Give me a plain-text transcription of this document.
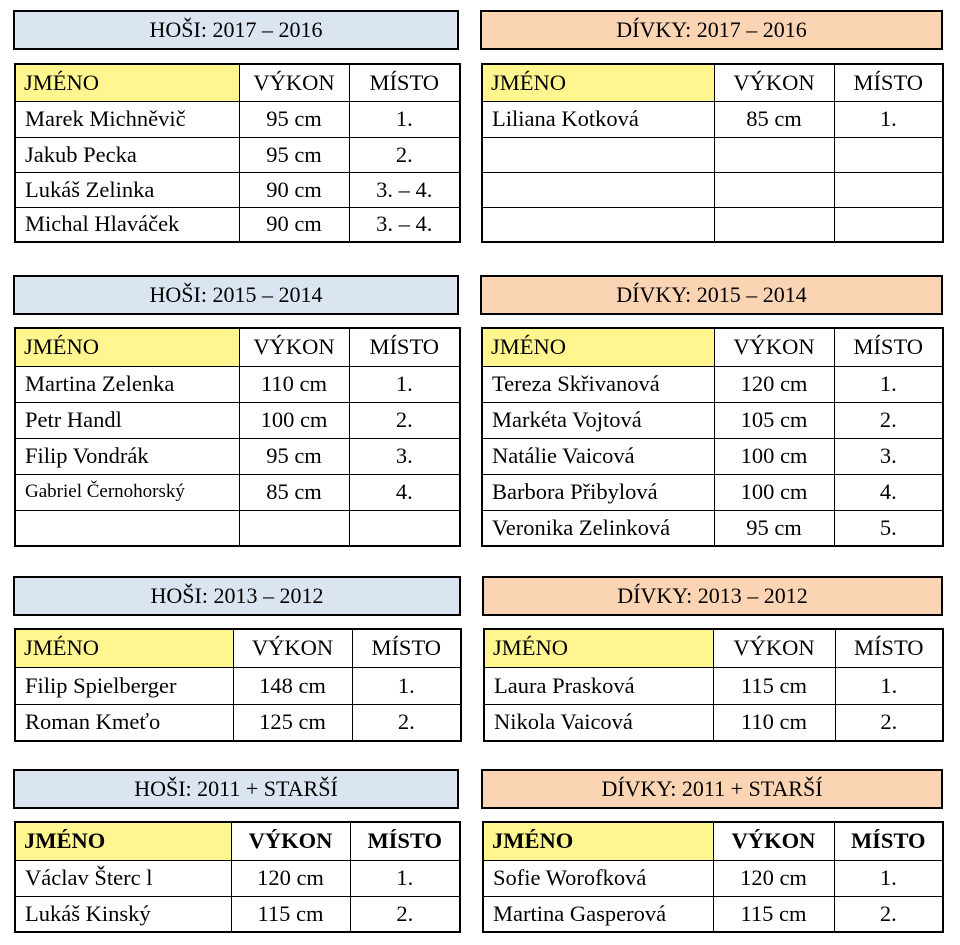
HOŠI: 2017 – 2016
JMÉNO	VÝKON	MÍSTO
Marek Michněvič	95 cm	1.
Jakub Pecka	95 cm	2.
Lukáš Zelinka	90 cm	3. – 4.
Michal Hlaváček	90 cm	3. – 4.
DÍVKY: 2017 – 2016
JMÉNO	VÝKON	MÍSTO
Liliana Kotková	85 cm	1.

HOŠI: 2015 – 2014
JMÉNO	VÝKON	MÍSTO
Martina Zelenka	110 cm	1.
Petr Handl	100 cm	2.
Filip Vondrák	95 cm	3.
Gabriel Černohorský	85 cm	4.

DÍVKY: 2015 – 2014
JMÉNO	VÝKON	MÍSTO
Tereza Skřivanová	120 cm	1.
Markéta Vojtová	105 cm	2.
Natálie Vaicová	100 cm	3.
Barbora Přibylová	100 cm	4.
Veronika Zelinková	95 cm	5.
HOŠI: 2013 – 2012
JMÉNO	VÝKON	MÍSTO
Filip Spielberger	148 cm	1.
Roman Kmeťo	125 cm	2.
DÍVKY: 2013 – 2012
JMÉNO	VÝKON	MÍSTO
Laura Prasková	115 cm	1.
Nikola Vaicová	110 cm	2.
HOŠI: 2011 + STARŠÍ
JMÉNO	VÝKON	MÍSTO
Václav Šterc l	120 cm	1.
Lukáš Kinský	115 cm	2.
DÍVKY: 2011 + STARŠÍ
JMÉNO	VÝKON	MÍSTO
Sofie Worofková	120 cm	1.
Martina Gasperová	115 cm	2.
